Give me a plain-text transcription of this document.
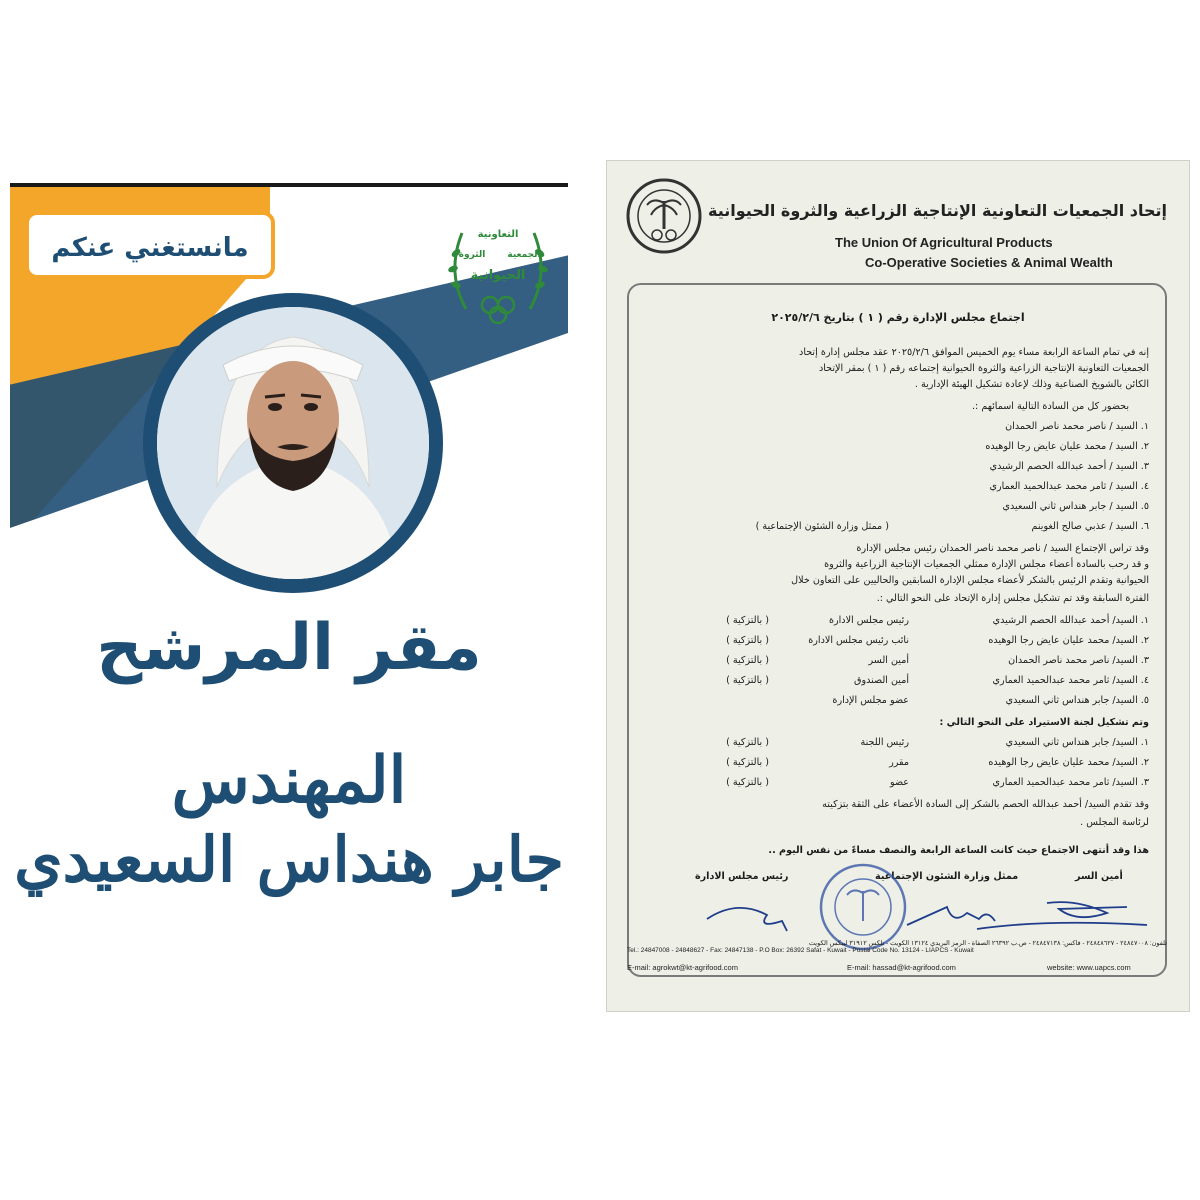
مانستغني عنكم	التعاونية
الثروة الجمعية
الحيوانية
مقر المرشح
المهندس
جابر هنداس السعيدي
إتحاد الجمعيات التعاونية الإنتاجية الزراعية والثروة الحيوانية
The Union Of Agricultural Products
Co-Operative Societies & Animal Wealth
اجتماع مجلس الإدارة رقم ( ١ ) بتاريخ ٢٠٢٥/٢/٦
إنه في تمام الساعة الرابعة مساء يوم الخميس الموافق ٢٠٢٥/٢/٦ عقد مجلس إدارة إتحاد
الجمعيات التعاونية الإنتاجية الزراعية والثروة الحيوانية إجتماعه رقم ( ١ ) بمقر الإتحاد
الكائن بالشويخ الصناعية وذلك لإعادة تشكيل الهيئة الإدارية .
بحضور كل من السادة التالية اسمائهم :.
١. السيد / ناصر محمد ناصر الحمدان
٢. السيد / محمد عليان عايض رجا الوهيده
٣. السيد / أحمد عبدالله الحصم الرشيدي
٤. السيد / ثامر محمد عبدالحميد العماري
٥. السيد / جابر هنداس ثاني السعيدي
٦. السيد / عذبي صالح الغوينم
( ممثل وزارة الشئون الإجتماعية )
وقد تراس الإجتماع السيد / ناصر محمد ناصر الحمدان رئيس مجلس الإدارة
و قد رحب بالسادة أعضاء مجلس الإدارة ممثلي الجمعيات الإنتاجية الزراعية والثروة
الحيوانية وتقدم الرئيس بالشكر لأعضاء مجلس الإدارة السابقين والحاليين على التعاون خلال
الفترة السابقة وقد تم تشكيل مجلس إدارة الإتحاد على النحو التالي :.
١. السيد/ أحمد عبدالله الحصم الرشيدي
رئيس مجلس الادارة
( بالتزكية )
٢. السيد/ محمد عليان عايض رجا الوهيده
نائب رئيس مجلس الادارة
( بالتزكية )
٣. السيد/ ناصر محمد ناصر الحمدان
أمين السر
( بالتزكية )
٤. السيد/ ثامر محمد عبدالحميد العماري
أمين الصندوق
( بالتزكية )
٥. السيد/ جابر هنداس ثاني السعيدي
عضو مجلس الإدارة
وتم تشكيل لجنة الاستيراد على النحو التالي :
١. السيد/ جابر هنداس ثاني السعيدي
رئيس اللجنة
( بالتزكية )
٢. السيد/ محمد عليان عايض رجا الوهيده
مقرر
( بالتزكية )
٣. السيد/ ثامر محمد عبدالحميد العماري
عضو
( بالتزكية )
وقد تقدم السيد/ أحمد عبدالله الحصم بالشكر إلى السادة الأعضاء على الثقة بتزكيته
لرئاسة المجلس .
هذا وقد أنتهى الاجتماع حيث كانت الساعة الرابعة والنصف مساءً من نفس اليوم ..
رئيس مجلس الادارة	ممثل وزارة الشئون الإجتماعية	أمين السر
تلفون: ٢٤٨٤٧٠٠٨ - ٢٤٨٤٨٦٢٧ - فاكس: ٢٤٨٤٧١٣٨ - ص.ب ٢٦٣٩٢ الصفاة - الرمز البريدي ١٣١٢٤ الكويت - تلكس ٣١٩١٢ ليبكس الكويت
Tel.: 24847008 - 24848627 - Fax: 24847138 - P.O Box: 26392 Safat - Kuwait - Postal Code No. 13124 - LIAPCS - Kuwait
E-mail: agrokwt@kt-agrifood.com	E-mail: hassad@kt-agrifood.com	website: www.uapcs.com
